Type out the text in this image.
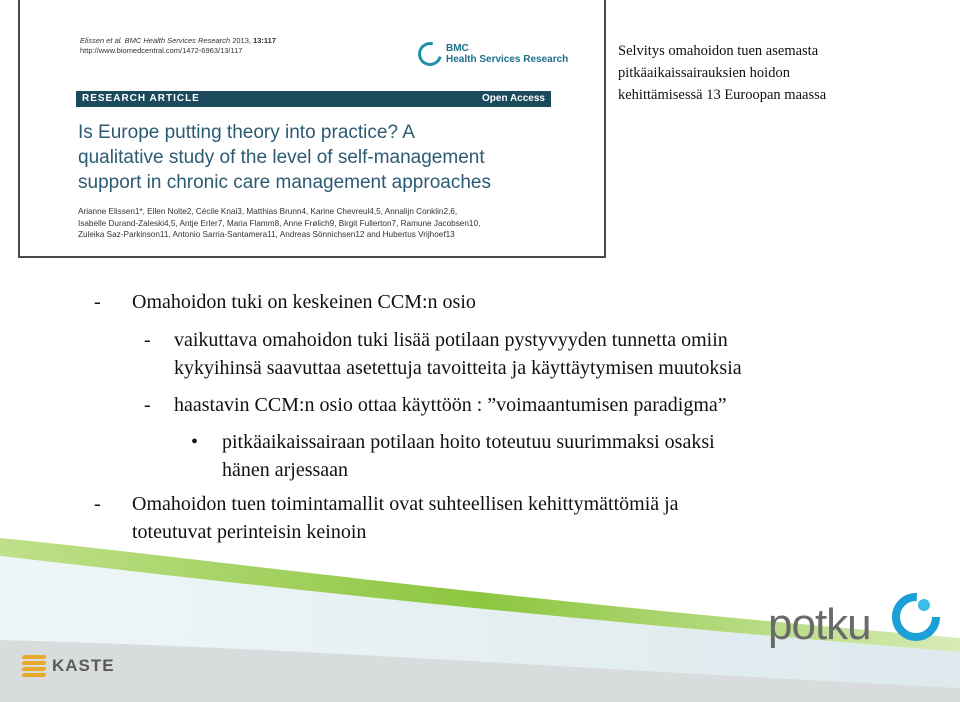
Elissen et al. BMC Health Services Research 2013, 13:117
http://www.biomedcentral.com/1472-6963/13/117	BMC
Health Services Research
RESEARCH ARTICLE	Open Access
Is Europe putting theory into practice? A
qualitative study of the level of self-management
support in chronic care management approaches
Arianne Elissen1*, Ellen Nolte2, Cécile Knai3, Matthias Brunn4, Karine Chevreul4,5, Annalijn Conklin2,6,
Isabelle Durand-Zaleski4,5, Antje Erler7, Maria Flamm8, Anne Frølich9, Birgit Fullerton7, Ramune Jacobsen10,
Zuleika Saz-Parkinson11, Antonio Sarria-Santamera11, Andreas Sönnichsen12 and Hubertus Vrijhoef13
Selvitys omahoidon tuen asemasta
pitkäaikaissairauksien hoidon
kehittämisessä 13 Euroopan maassa
- Omahoidon tuki on keskeinen CCM:n osio
- vaikuttava omahoidon tuki lisää potilaan pystyvyyden tunnetta omiin
kykyihinsä saavuttaa asetettuja tavoitteita ja käyttäytymisen muutoksia
- haastavin CCM:n osio ottaa käyttöön : ”voimaantumisen paradigma”
• pitkäaikaissairaan potilaan hoito toteutuu suurimmaksi osaksi
hänen arjessaan
- Omahoidon tuen toimintamallit ovat suhteellisen kehittymättömiä ja
toteutuvat perinteisin keinoin
KASTE
potku
